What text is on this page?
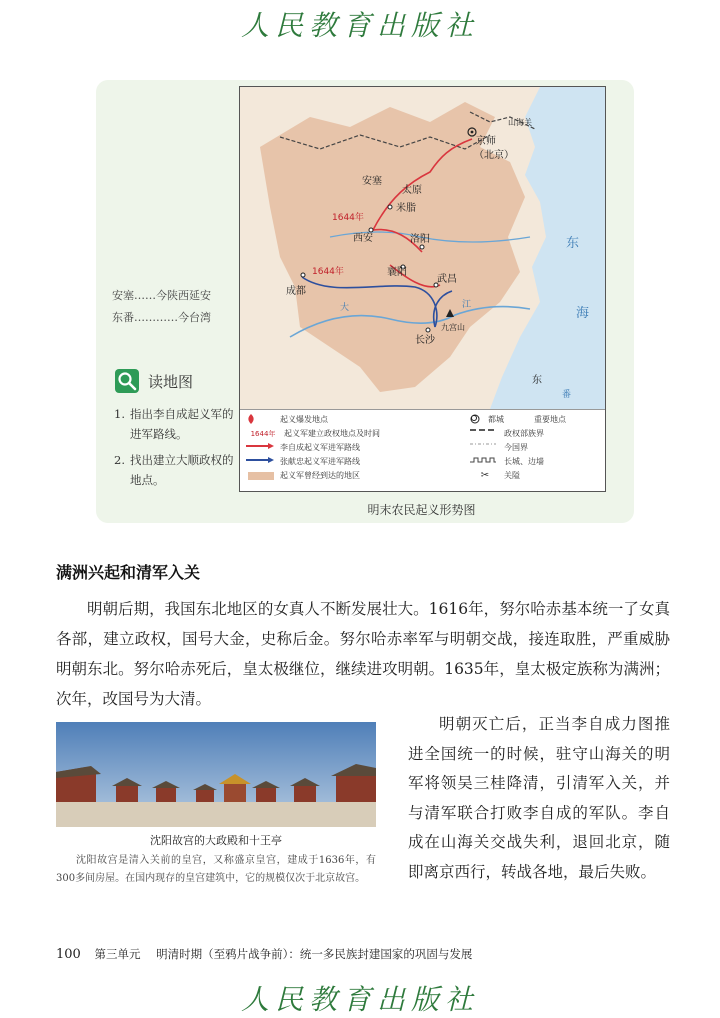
人民教育出版社
安塞……今陕西延安
东番…………今台湾
读地图
1. 指出李自成起义军的进军路线。
2. 找出建立大顺政权的地点。
京师
（北京）
太原
米脂
安塞
洛阳
西安
襄阳
成都
武昌
长沙
东
山海关
九宫山
1644年
1644年
东
海
大	江
番
起义爆发地点
1644年 起义军建立政权地点及时间
李自成起义军进军路线
张献忠起义军进军路线
起义军曾经到达的地区
都城	重要地点
政权部族界
今国界
长城、边墙
✂	关隘
明末农民起义形势图
满洲兴起和清军入关

明朝后期，我国东北地区的女真人不断发展壮大。1616年，努尔哈赤基本统一了女真各部，建立政权，国号大金，史称后金。努尔哈赤率军与明朝交战，接连取胜，严重威胁明朝东北。努尔哈赤死后，皇太极继位，继续进攻明朝。1635年，皇太极定族称为满洲；次年，改国号为大清。

沈阳故宫的大政殿和十王亭

沈阳故宫是清入关前的皇宫，又称盛京皇宫，建成于1636年，有300多间房屋。在国内现存的皇宫建筑中，它的规模仅次于北京故宫。

明朝灭亡后，正当李自成力图推进全国统一的时候，驻守山海关的明军将领吴三桂降清，引清军入关，并与清军联合打败李自成的军队。李自成在山海关交战失利，退回北京，随即离京西行，转战各地，最后失败。

100 第三单元 明清时期（至鸦片战争前）：统一多民族封建国家的巩固与发展
人民教育出版社
